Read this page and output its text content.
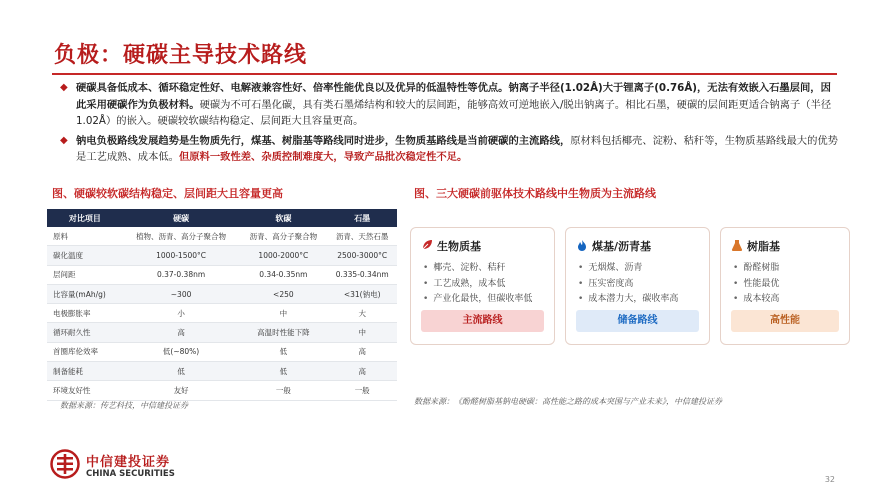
负极：硬碳主导技术路线
◆ 硬碳具备低成本、循环稳定性好、电解液兼容性好、倍率性能优良以及优异的低温特性等优点。钠离子半径(1.02Å)大于锂离子(0.76Å)，无法有效嵌入石墨层间，因此采用硬碳作为负极材料。硬碳为不可石墨化碳，具有类石墨烯结构和较大的层间距，能够高效可逆地嵌入/脱出钠离子。相比石墨，硬碳的层间距更适合钠离子（半径1.02Å）的嵌入。硬碳较软碳结构稳定、层间距大且容量更高。
◆ 钠电负极路线发展趋势是生物质先行，煤基、树脂基等路线同时进步，生物质基路线是当前硬碳的主流路线，原材料包括椰壳、淀粉、秸秆等，生物质基路线最大的优势是工艺成熟、成本低。但原料一致性差、杂质控制难度大，导致产品批次稳定性不足。
图、硬碳较软碳结构稳定、层间距大且容量更高	图、三大硬碳前驱体技术路线中生物质为主流路线
对比项目	硬碳	软碳	石墨
原料	植物、沥青、高分子聚合物	沥青、高分子聚合物	沥青、天然石墨
碳化温度	1000-1500°C	1000-2000°C	2500-3000°C
层间距	0.37-0.38nm	0.34-0.35nm	0.335-0.34nm
比容量(mAh/g)	~300	<250	<31(钠电)
电极膨胀率	小	中	大
循环耐久性	高	高温时性能下降	中
首圈库伦效率	低(~80%)	低	高
制备能耗	低	低	高
环境友好性	友好	一般	一般
生物质基
• 椰壳、淀粉、秸秆
• 工艺成熟，成本低
• 产业化最快，但碳收率低
主流路线
煤基/沥青基
• 无烟煤、沥青
• 压实密度高
• 成本潜力大，碳收率高
储备路线
树脂基
• 酚醛树脂
• 性能最优
• 成本较高
高性能
数据来源：传艺科技，中信建投证券	数据来源：《酚醛树脂基钠电硬碳：高性能之路的成本突围与产业未来》，中信建投证券
中信建投证券
CHINA SECURITIES
32
